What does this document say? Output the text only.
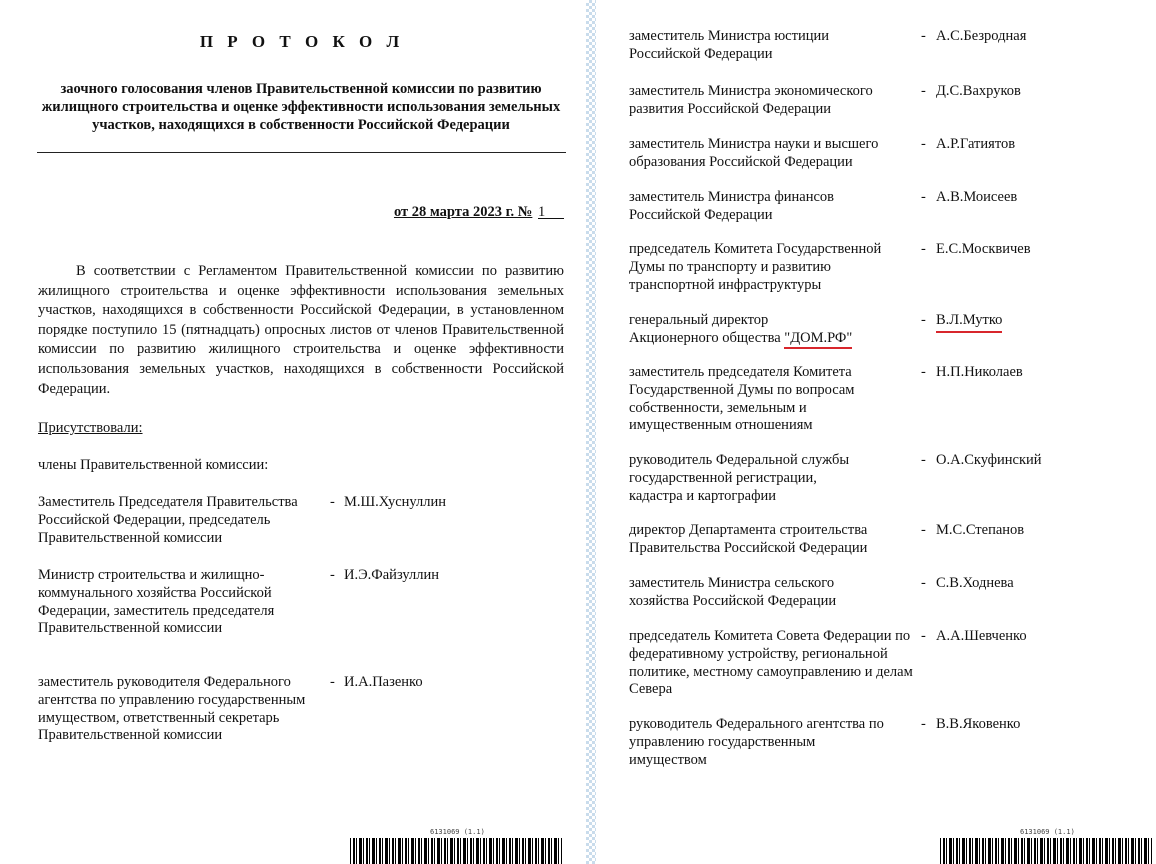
П Р О Т О К О Л
заочного голосования членов Правительственной комиссии по развитию жилищного строительства и оценке эффективности использования земельных участков, находящихся в собственности Российской Федерации
от 28 марта 2023 г. № 1
В соответствии с Регламентом Правительственной комиссии по развитию жилищного строительства и оценке эффективности использования земельных участков, находящихся в собственности Российской Федерации, в установленном порядке поступило 15 (пятнадцать) опросных листов от членов Правительственной комиссии по развитию жилищного строительства и оценке эффективности использования земельных участков, находящихся в собственности Российской Федерации.
Присутствовали:
члены Правительственной комиссии:
Заместитель Председателя Правительства Российской Федерации, председатель Правительственной комиссии
- М.Ш.Хуснуллин
Министр строительства и жилищно-коммунального хозяйства Российской Федерации, заместитель председателя Правительственной комиссии
- И.Э.Файзуллин
заместитель руководителя Федерального агентства по управлению государственным имуществом, ответственный секретарь Правительственной комиссии
- И.А.Пазенко
6131069 (1.1)
заместитель Министра юстиции Российской Федерации
- А.С.Безродная
заместитель Министра экономического развития Российской Федерации
- Д.С.Вахруков
заместитель Министра науки и высшего образования Российской Федерации
- А.Р.Гатиятов
заместитель Министра финансов Российской Федерации
- А.В.Моисеев
председатель Комитета Государственной Думы по транспорту и развитию транспортной инфраструктуры
- Е.С.Москвичев
генеральный директор
Акционерного общества "ДОМ.РФ"
- В.Л.Мутко
заместитель председателя Комитета Государственной Думы по вопросам собственности, земельным и имущественным отношениям
- Н.П.Николаев
руководитель Федеральной службы государственной регистрации, кадастра и картографии
- О.А.Скуфинский
директор Департамента строительства Правительства Российской Федерации
- М.С.Степанов
заместитель Министра сельского хозяйства Российской Федерации
- С.В.Ходнева
председатель Комитета Совета Федерации по федеративному устройству, региональной политике, местному самоуправлению и делам Севера
- А.А.Шевченко
руководитель Федерального агентства по управлению государственным имуществом
- В.В.Яковенко
6131069 (1.1)
